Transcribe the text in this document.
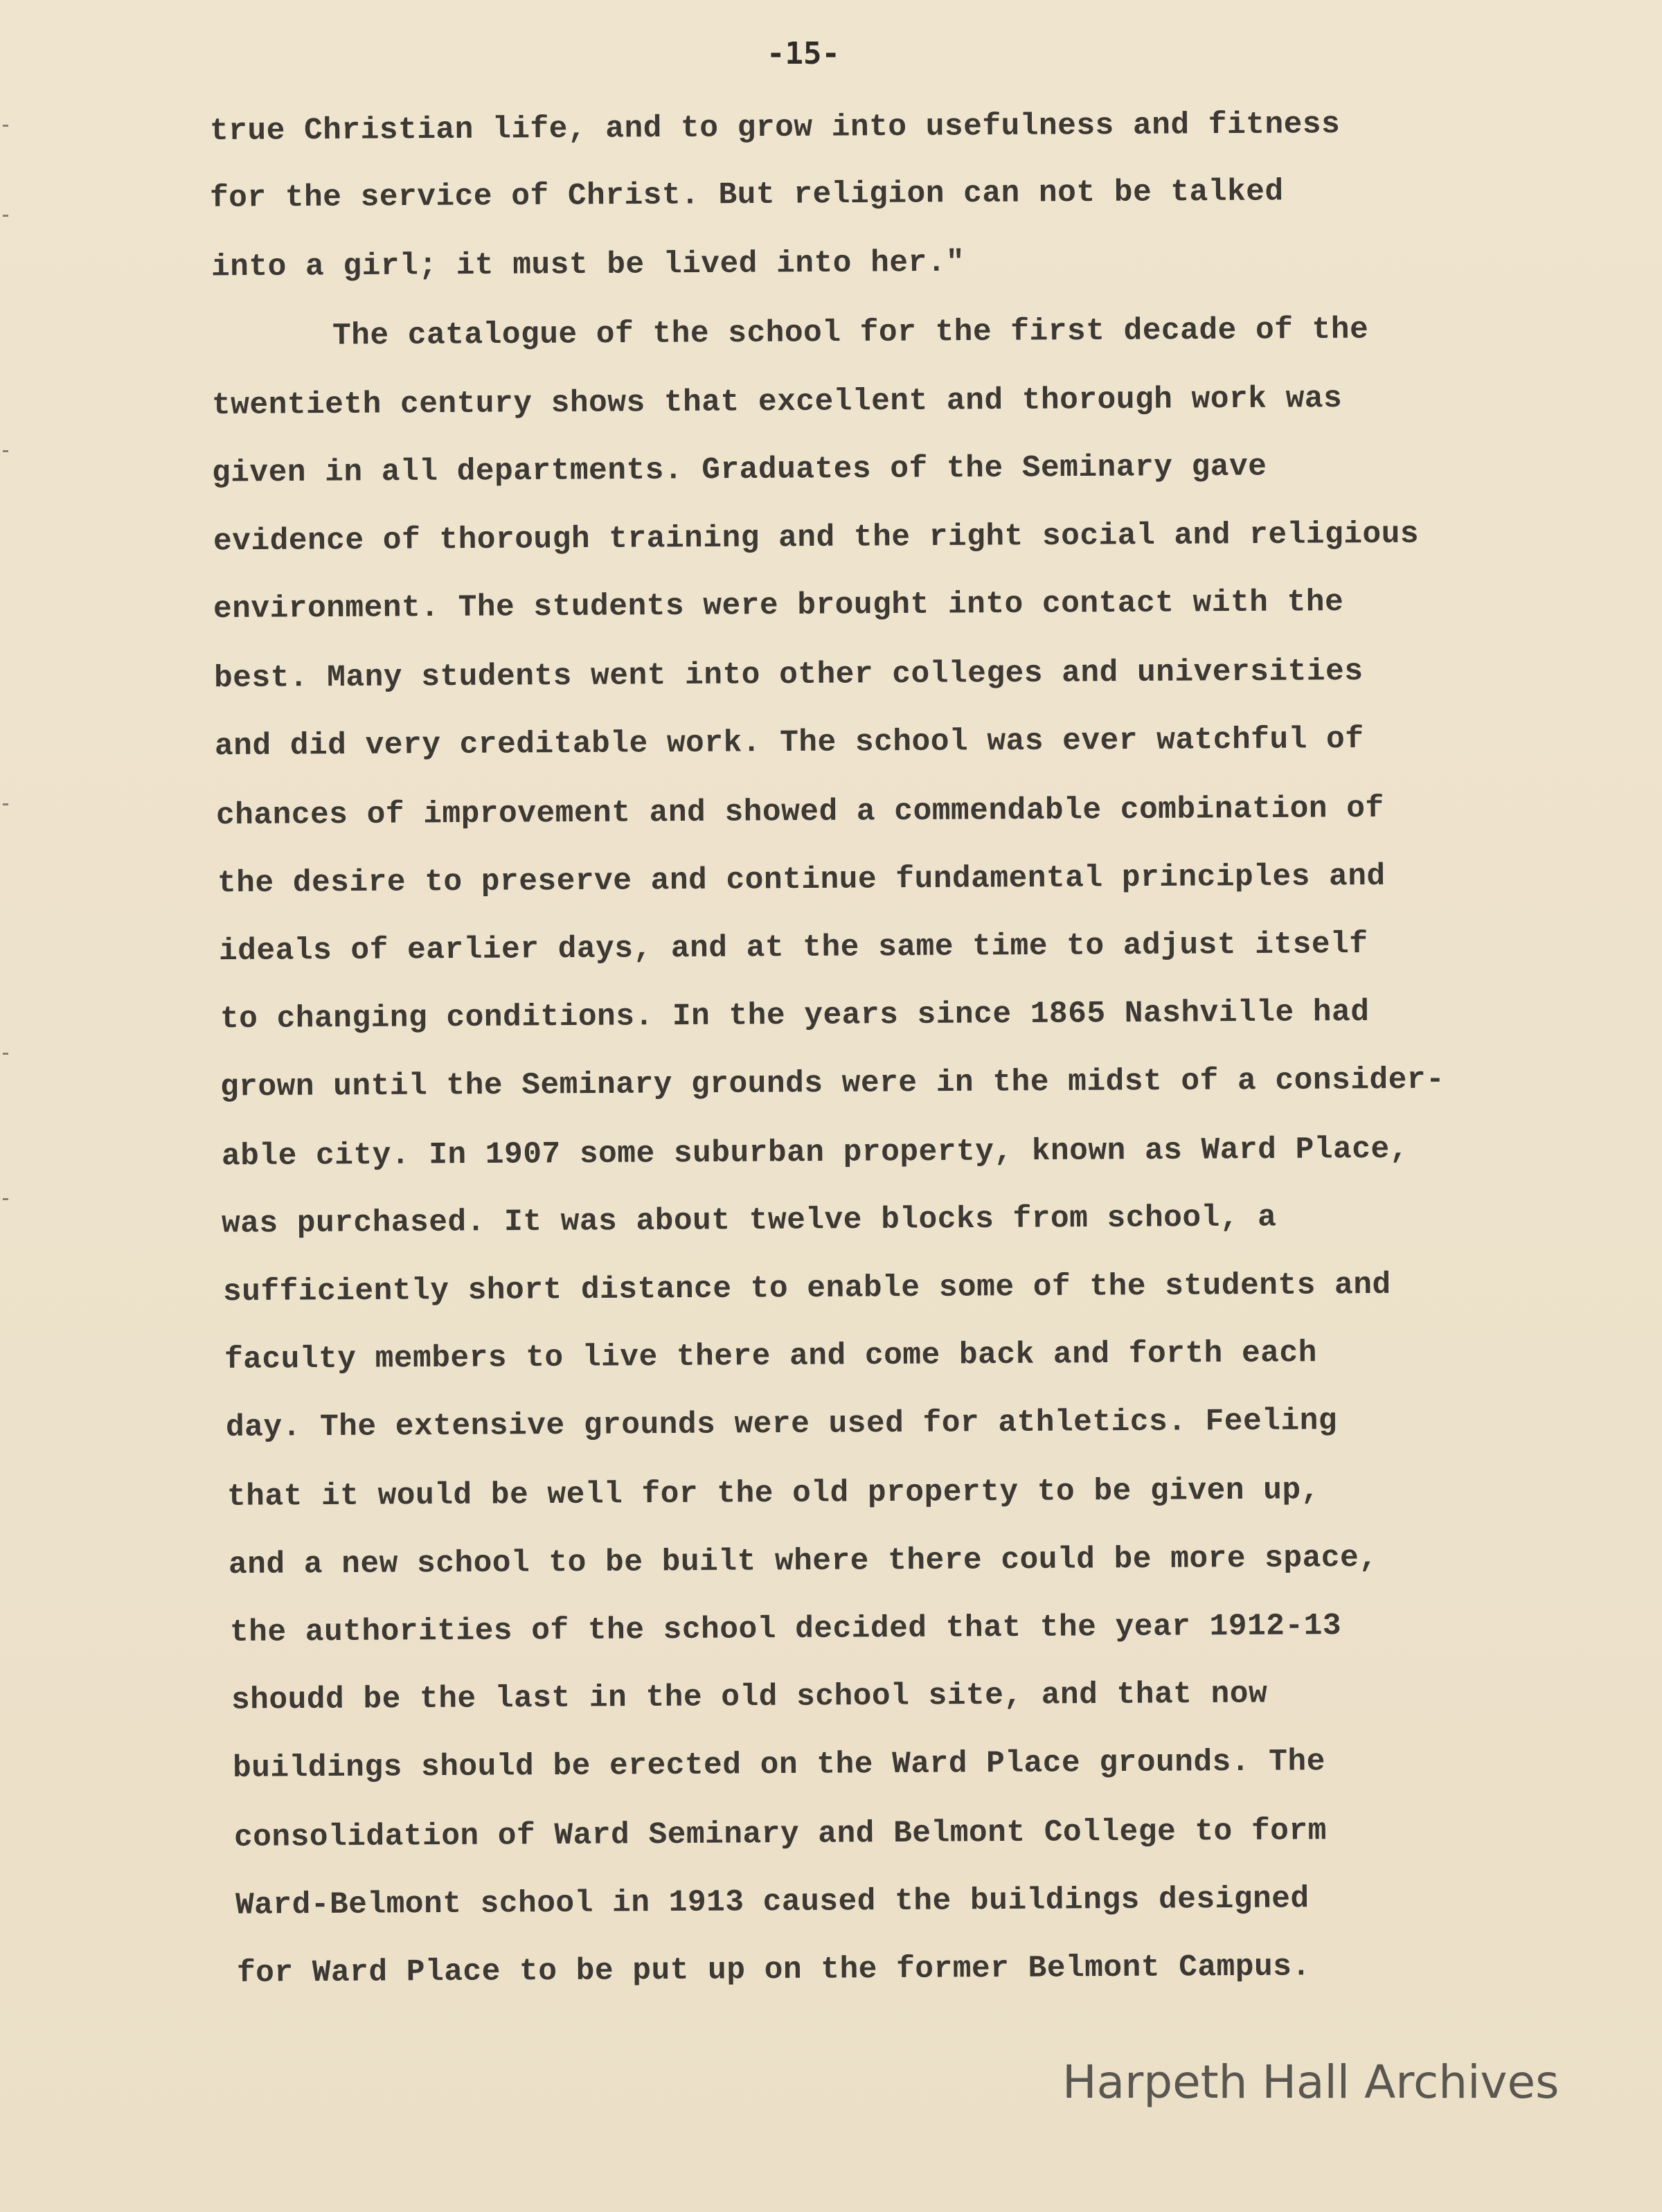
-15-
true Christian life, and to grow into usefulness and fitness
for the service of Christ. But religion can not be talked
into a girl; it must be lived into her."
The catalogue of the school for the first decade of the
twentieth century shows that excellent and thorough work was
given in all departments. Graduates of the Seminary gave
evidence of thorough training and the right social and religious
environment. The students were brought into contact with the
best. Many students went into other colleges and universities
and did very creditable work. The school was ever watchful of
chances of improvement and showed a commendable combination of
the desire to preserve and continue fundamental principles and
ideals of earlier days, and at the same time to adjust itself
to changing conditions. In the years since 1865 Nashville had
grown until the Seminary grounds were in the midst of a consider-
able city. In 1907 some suburban property, known as Ward Place,
was purchased. It was about twelve blocks from school, a
sufficiently short distance to enable some of the students and
faculty members to live there and come back and forth each
day. The extensive grounds were used for athletics. Feeling
that it would be well for the old property to be given up,
and a new school to be built where there could be more space,
the authorities of the school decided that the year 1912-13
shoudd be the last in the old school site, and that now
buildings should be erected on the Ward Place grounds. The
consolidation of Ward Seminary and Belmont College to form
Ward-Belmont school in 1913 caused the buildings designed
for Ward Place to be put up on the former Belmont Campus.
Harpeth Hall Archives
